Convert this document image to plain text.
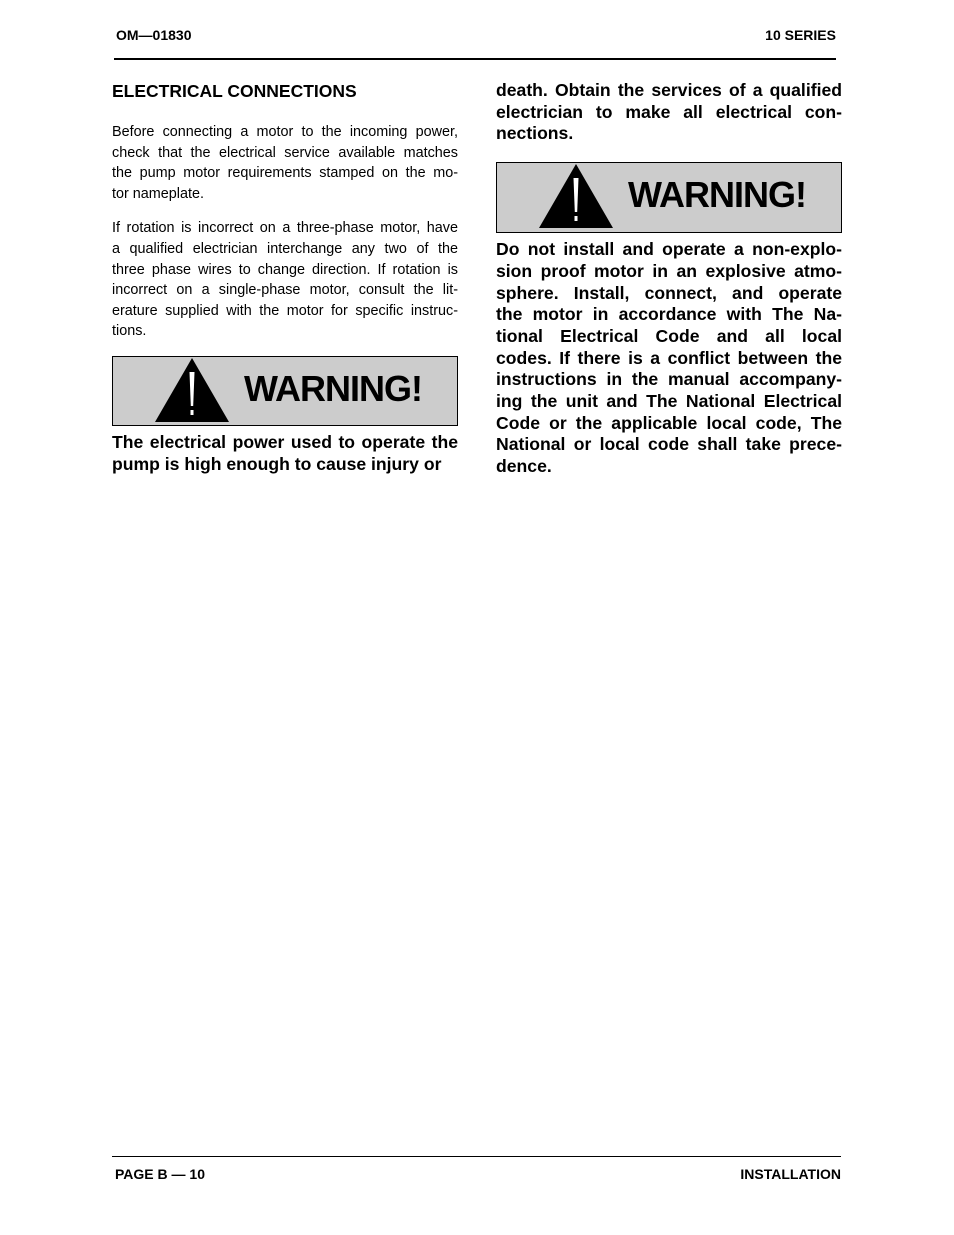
OM—01830	10 SERIES
ELECTRICAL CONNECTIONS
Before connecting a motor to the incoming power,
check that the electrical service available matches
the pump motor requirements stamped on the mo-
tor nameplate.
If rotation is incorrect on a three-phase motor, have
a qualified electrician interchange any two of the
three phase wires to change direction. If rotation is
incorrect on a single-phase motor, consult the lit-
erature supplied with the motor for specific instruc-
tions.
WARNING!
The electrical power used to operate the
pump is high enough to cause injury or
death. Obtain the services of a qualified
electrician to make all electrical con-
nections.
WARNING!
Do not install and operate a non-explo-
sion proof motor in an explosive atmo-
sphere. Install, connect, and operate
the motor in accordance with The Na-
tional Electrical Code and all local
codes. If there is a conflict between the
instructions in the manual accompany-
ing the unit and The National Electrical
Code or the applicable local code, The
National or local code shall take prece-
dence.
PAGE B — 10	INSTALLATION
